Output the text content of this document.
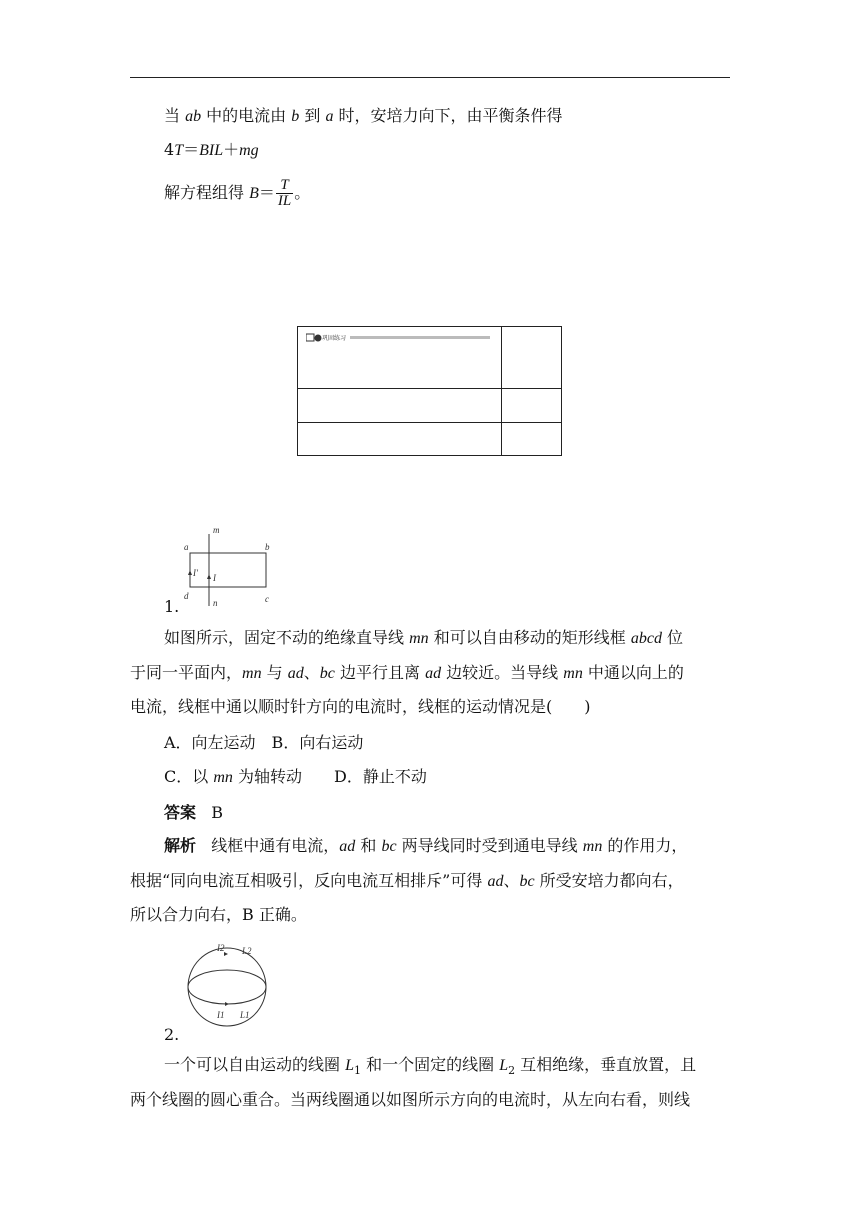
当 ab 中的电流由 b 到 a 时，安培力向下，由平衡条件得
4T＝BIL＋mg
解方程组得 $B= \frac{T}{IL}$ 。
巩固练习
m
a	b
I′ I
d
n	c
1.
如图所示，固定不动的绝缘直导线 mn 和可以自由移动的矩形线框 abcd 位
于同一平面内，mn 与 ad、bc 边平行且离 ad 边较近。当导线 mn 中通以向上的
电流，线框中通以顺时针方向的电流时，线框的运动情况是(　　)
A．向左运动　B．向右运动
C．以 mn 为轴转动　　D．静止不动
答案 B
解析 线框中通有电流，ad 和 bc 两导线同时受到通电导线 mn 的作用力，
根据“同向电流互相吸引，反向电流互相排斥”可得 ad、bc 所受安培力都向右，
所以合力向右，B 正确。
I2 L2
I1 L1
2.
一个可以自由运动的线圈 $L_1$ 和一个固定的线圈 $L_2$ 互相绝缘，垂直放置，且
两个线圈的圆心重合。当两线圈通以如图所示方向的电流时，从左向右看，则线
